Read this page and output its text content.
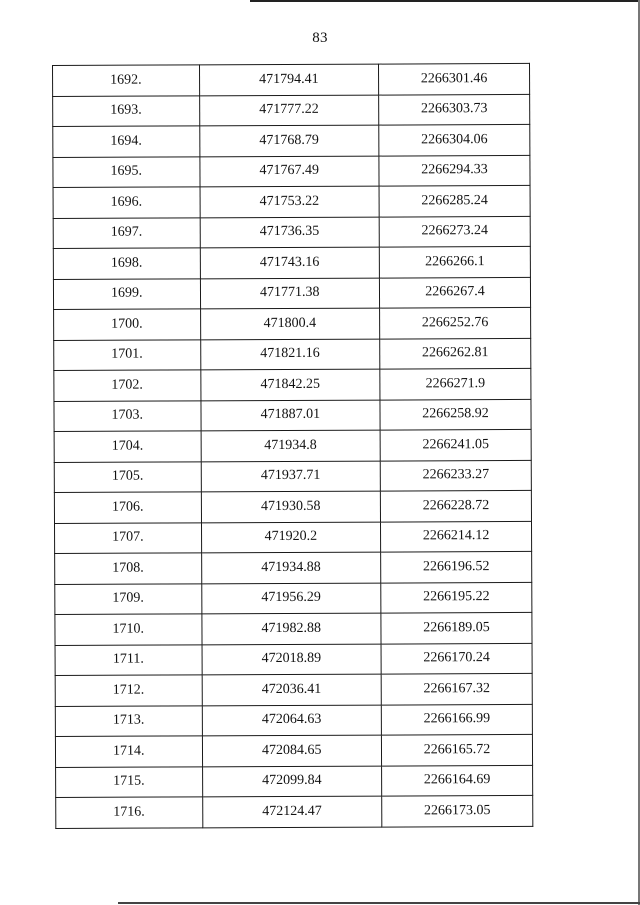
83
1692.	471794.41	2266301.46
1693.	471777.22	2266303.73
1694.	471768.79	2266304.06
1695.	471767.49	2266294.33
1696.	471753.22	2266285.24
1697.	471736.35	2266273.24
1698.	471743.16	2266266.1
1699.	471771.38	2266267.4
1700.	471800.4	2266252.76
1701.	471821.16	2266262.81
1702.	471842.25	2266271.9
1703.	471887.01	2266258.92
1704.	471934.8	2266241.05
1705.	471937.71	2266233.27
1706.	471930.58	2266228.72
1707.	471920.2	2266214.12
1708.	471934.88	2266196.52
1709.	471956.29	2266195.22
1710.	471982.88	2266189.05
1711.	472018.89	2266170.24
1712.	472036.41	2266167.32
1713.	472064.63	2266166.99
1714.	472084.65	2266165.72
1715.	472099.84	2266164.69
1716.	472124.47	2266173.05
